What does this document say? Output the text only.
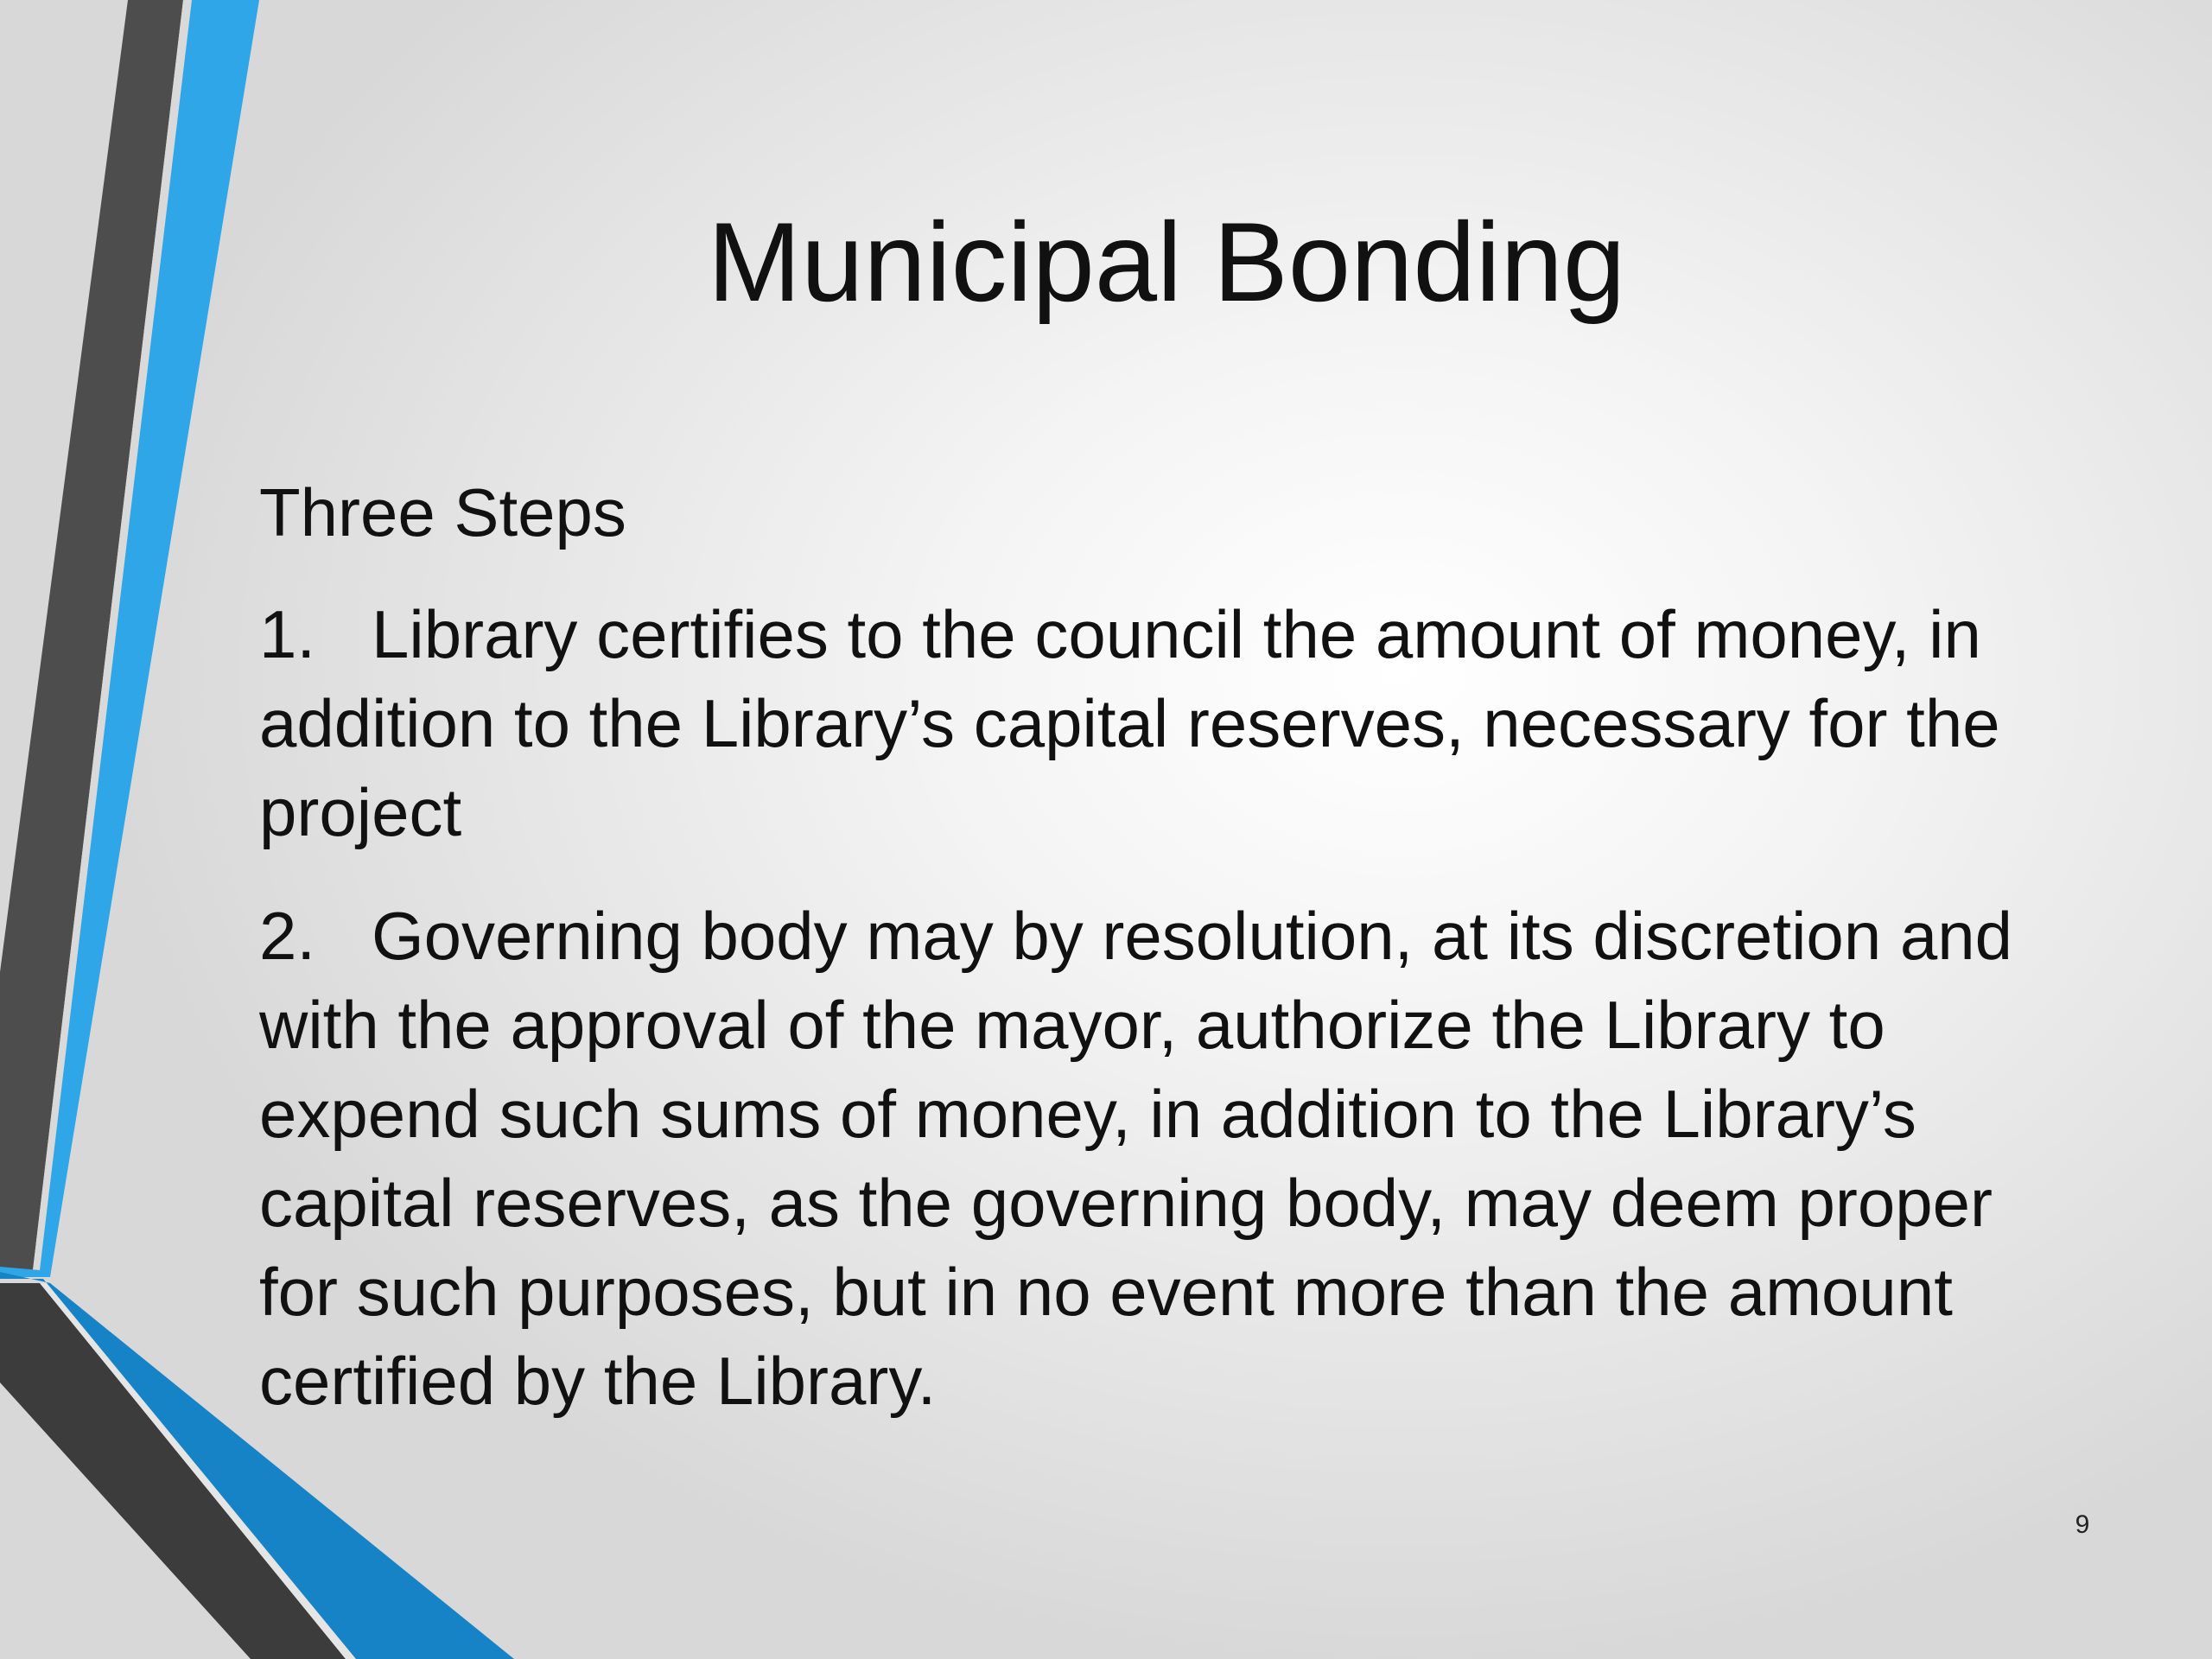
Municipal Bonding
Three Steps
1. Library certifies to the council the amount of money, in addition to the Library’s capital reserves, necessary for the project
2. Governing body may by resolution, at its discretion and with the approval of the mayor, authorize the Library to expend such sums of money, in addition to the Library’s capital reserves, as the governing body, may deem proper for such purposes, but in no event more than the amount certified by the Library.
9
